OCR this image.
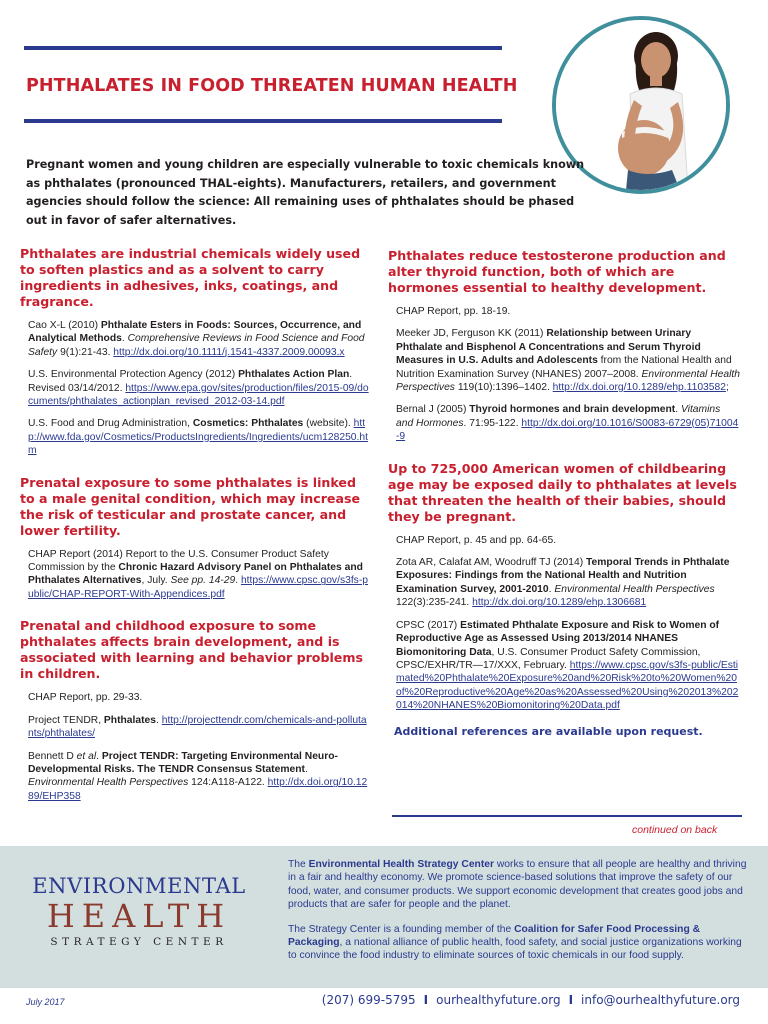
PHTHALATES IN FOOD THREATEN HUMAN HEALTH

Pregnant women and young children are especially vulnerable to toxic chemicals known as phthalates (pronounced THAL-eights). Manufacturers, retailers, and government agencies should follow the science: All remaining uses of phthalates should be phased out in favor of safer alternatives.

Phthalates are industrial chemicals widely used to soften plastics and as a solvent to carry ingredients in adhesives, inks, coatings, and fragrance.

Cao X-L (2010) Phthalate Esters in Foods: Sources, Occurrence, and Analytical Methods. Comprehensive Reviews in Food Science and Food Safety 9(1):21-43. http://dx.doi.org/10.1111/j.1541-4337.2009.00093.x

U.S. Environmental Protection Agency (2012) Phthalates Action Plan. Revised 03/14/2012. https://www.epa.gov/sites/production/files/2015-09/documents/phthalates_actionplan_revised_2012-03-14.pdf

U.S. Food and Drug Administration, Cosmetics: Phthalates (website). http://www.fda.gov/Cosmetics/ProductsIngredients/Ingredients/ucm128250.htm

Prenatal exposure to some phthalates is linked to a male genital condition, which may increase the risk of testicular and prostate cancer, and lower fertility.

CHAP Report (2014) Report to the U.S. Consumer Product Safety Commission by the Chronic Hazard Advisory Panel on Phthalates and Phthalates Alternatives, July. See pp. 14-29. https://www.cpsc.gov/s3fs-public/CHAP-REPORT-With-Appendices.pdf

Prenatal and childhood exposure to some phthalates affects brain development, and is associated with learning and behavior problems in children.

CHAP Report, pp. 29-33.

Project TENDR, Phthalates. http://projecttendr.com/chemicals-and-pollutants/phthalates/

Bennett D et al. Project TENDR: Targeting Environmental Neuro-Developmental Risks. The TENDR Consensus Statement. Environmental Health Perspectives 124:A118-A122. http://dx.doi.org/10.1289/EHP358

Phthalates reduce testosterone production and alter thyroid function, both of which are hormones essential to healthy development.

CHAP Report, pp. 18-19.

Meeker JD, Ferguson KK (2011) Relationship between Urinary Phthalate and Bisphenol A Concentrations and Serum Thyroid Measures in U.S. Adults and Adolescents from the National Health and Nutrition Examination Survey (NHANES) 2007–2008. Environmental Health Perspectives 119(10):1396–1402. http://dx.doi.org/10.1289/ehp.1103582;

Bernal J (2005) Thyroid hormones and brain development. Vitamins and Hormones. 71:95-122. http://dx.doi.org/10.1016/S0083-6729(05)71004-9

Up to 725,000 American women of childbearing age may be exposed daily to phthalates at levels that threaten the health of their babies, should they be pregnant.

CHAP Report, p. 45 and pp. 64-65.

Zota AR, Calafat AM, Woodruff TJ (2014) Temporal Trends in Phthalate Exposures: Findings from the National Health and Nutrition Examination Survey, 2001-2010. Environmental Health Perspectives 122(3):235-241. http://dx.doi.org/10.1289/ehp.1306681

CPSC (2017) Estimated Phthalate Exposure and Risk to Women of Reproductive Age as Assessed Using 2013/2014 NHANES Biomonitoring Data, U.S. Consumer Product Safety Commission, CPSC/EXHR/TR—17/XXX, February. https://www.cpsc.gov/s3fs-public/Estimated%20Phthalate%20Exposure%20and%20Risk%20to%20Women%20of%20Reproductive%20Age%20as%20Assessed%20Using%202013%202014%20NHANES%20Biomonitoring%20Data.pdf

Additional references are available upon request.

continued on back
ENVIRONMENTAL
HEALTH
STRATEGY CENTER

The Environmental Health Strategy Center works to ensure that all people are healthy and thriving in a fair and healthy economy. We promote science-based solutions that improve the safety of our food, water, and consumer products. We support economic development that creates good jobs and products that are safer for people and the planet.

The Strategy Center is a founding member of the Coalition for Safer Food Processing & Packaging, a national alliance of public health, food safety, and social justice organizations working to convince the food industry to eliminate sources of toxic chemicals in our food supply.

July 2017	(207) 699-5795 I ourhealthyfuture.org I info@ourhealthyfuture.org
